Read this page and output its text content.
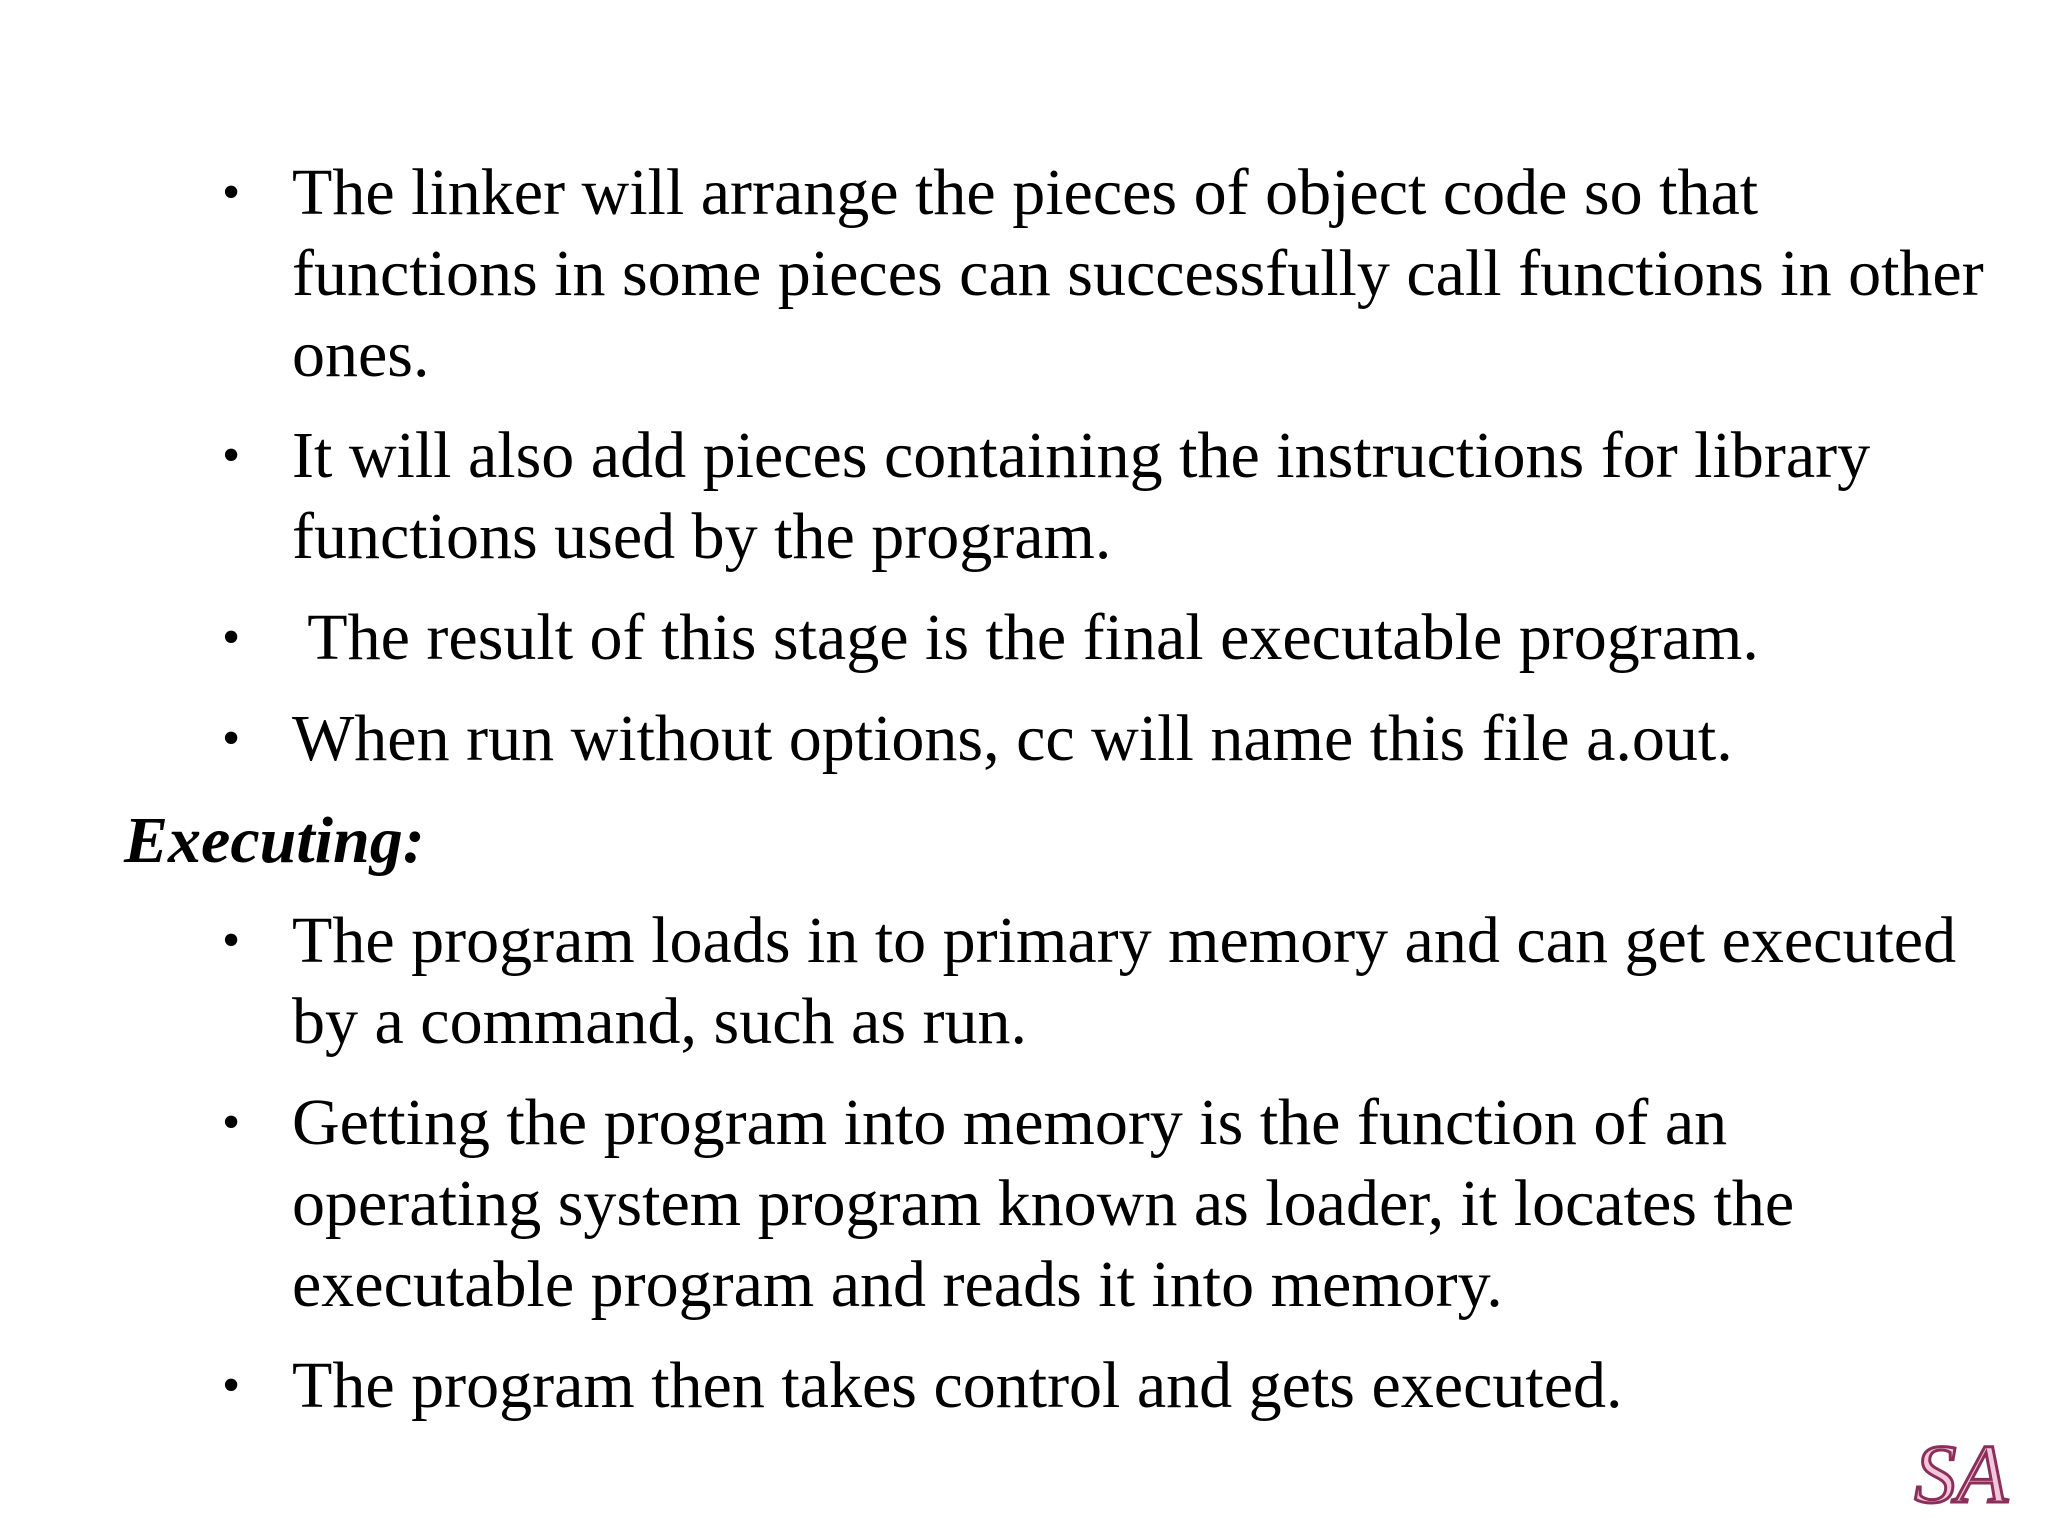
• The linker will arrange the pieces of object code so that functions in some pieces can successfully call functions in other ones.
• It will also add pieces containing the instructions for library functions used by the program.
• The result of this stage is the final executable program.
• When run without options, cc will name this file a.out.
Executing:
• The program loads in to primary memory and can get executed by a command, such as run.
• Getting the program into memory is the function of an operating system program known as loader, it locates the executable program and reads it into memory.
• The program then takes control and gets executed.
SA
